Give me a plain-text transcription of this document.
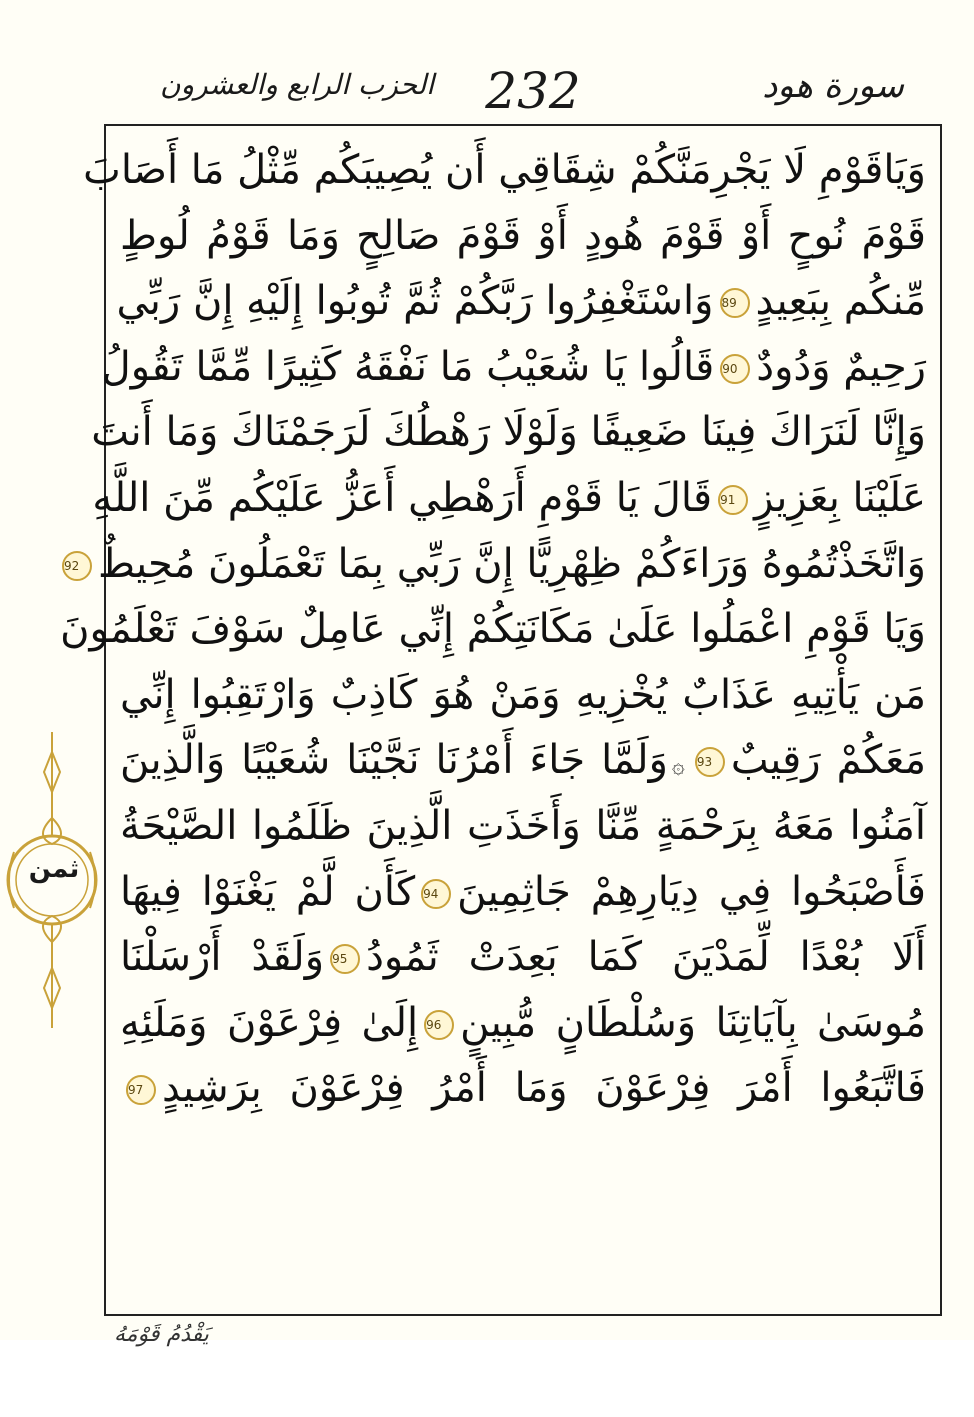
الحزب الرابع والعشرون 232	سورة هود
وَيَاقَوْمِ لَا يَجْرِمَنَّكُمْ شِقَاقِي أَن يُصِيبَكُم مِّثْلُ مَا أَصَابَ
قَوْمَ نُوحٍ أَوْ قَوْمَ هُودٍ أَوْ قَوْمَ صَالِحٍ وَمَا قَوْمُ لُوطٍ
مِّنكُم بِبَعِيدٍ89وَاسْتَغْفِرُوا رَبَّكُمْ ثُمَّ تُوبُوا إِلَيْهِ إِنَّ رَبِّي
رَحِيمٌ وَدُودٌ90قَالُوا يَا شُعَيْبُ مَا نَفْقَهُ كَثِيرًا مِّمَّا تَقُولُ
وَإِنَّا لَنَرَاكَ فِينَا ضَعِيفًا وَلَوْلَا رَهْطُكَ لَرَجَمْنَاكَ وَمَا أَنتَ
عَلَيْنَا بِعَزِيزٍ91قَالَ يَا قَوْمِ أَرَهْطِي أَعَزُّ عَلَيْكُم مِّنَ اللَّهِ
وَاتَّخَذْتُمُوهُ وَرَاءَكُمْ ظِهْرِيًّا إِنَّ رَبِّي بِمَا تَعْمَلُونَ مُحِيطٌ92
وَيَا قَوْمِ اعْمَلُوا عَلَىٰ مَكَانَتِكُمْ إِنِّي عَامِلٌ سَوْفَ تَعْلَمُونَ
مَن يَأْتِيهِ عَذَابٌ يُخْزِيهِ وَمَنْ هُوَ كَاذِبٌ وَارْتَقِبُوا إِنِّي
مَعَكُمْ رَقِيبٌ93۞وَلَمَّا جَاءَ أَمْرُنَا نَجَّيْنَا شُعَيْبًا وَالَّذِينَ
آمَنُوا مَعَهُ بِرَحْمَةٍ مِّنَّا وَأَخَذَتِ الَّذِينَ ظَلَمُوا الصَّيْحَةُ
فَأَصْبَحُوا فِي دِيَارِهِمْ جَاثِمِينَ94كَأَن لَّمْ يَغْنَوْا فِيهَا
أَلَا بُعْدًا لِّمَدْيَنَ كَمَا بَعِدَتْ ثَمُودُ95وَلَقَدْ أَرْسَلْنَا
مُوسَىٰ بِآيَاتِنَا وَسُلْطَانٍ مُّبِينٍ96إِلَىٰ فِرْعَوْنَ وَمَلَئِهِ
فَاتَّبَعُوا أَمْرَ فِرْعَوْنَ وَمَا أَمْرُ فِرْعَوْنَ بِرَشِيدٍ97
ثمن
يَقْدُمُ قَوْمَهُ
